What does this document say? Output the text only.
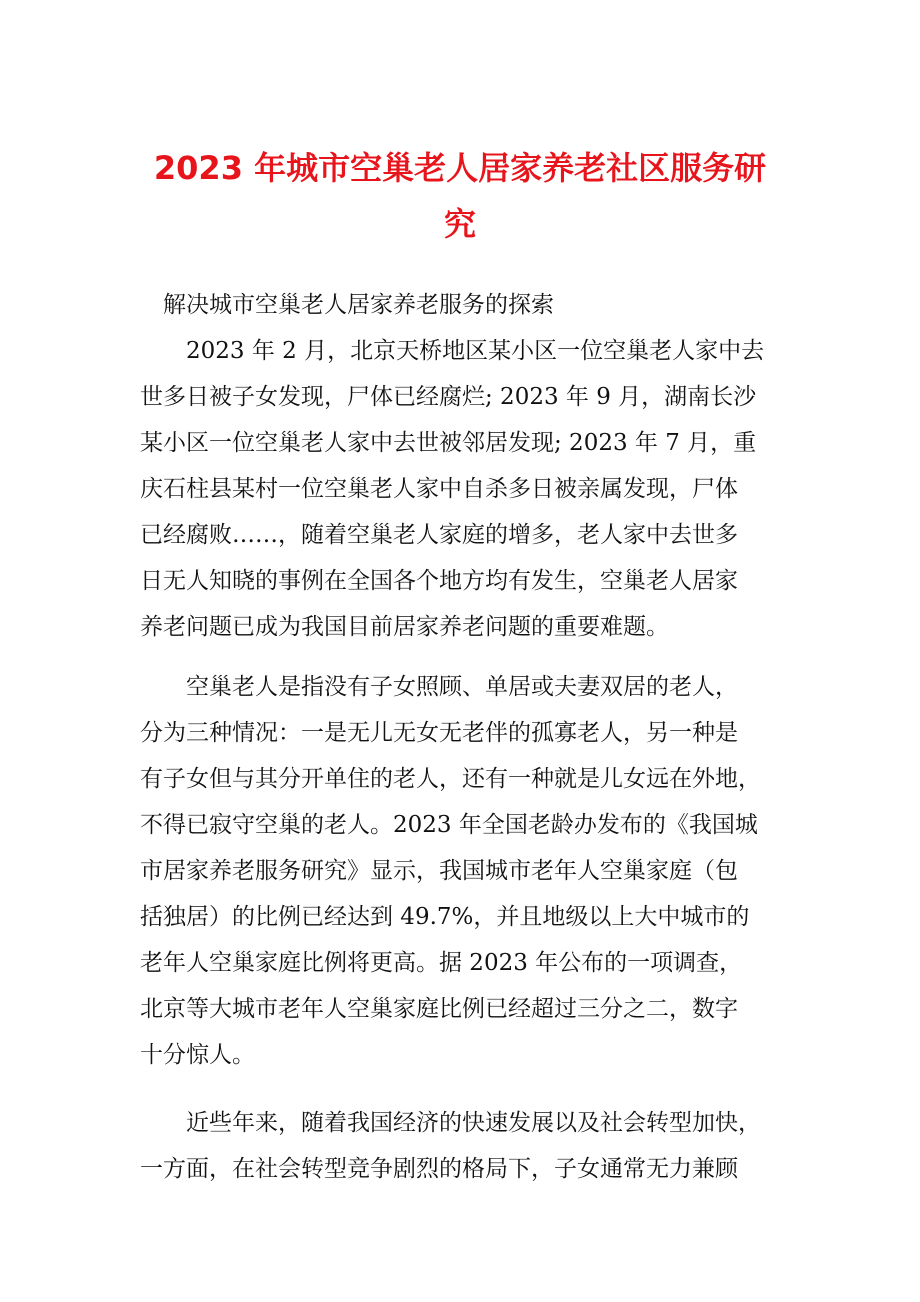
2023 年城市空巢老人居家养老社区服务研
究

解决城市空巢老人居家养老服务的探索

2023 年 2 月，北京天桥地区某小区一位空巢老人家中去
世多日被子女发现，尸体已经腐烂; 2023 年 9 月，湖南长沙
某小区一位空巢老人家中去世被邻居发现; 2023 年 7 月，重
庆石柱县某村一位空巢老人家中自杀多日被亲属发现，尸体
已经腐败……，随着空巢老人家庭的增多，老人家中去世多
日无人知晓的事例在全国各个地方均有发生，空巢老人居家
养老问题已成为我国目前居家养老问题的重要难题。
空巢老人是指没有子女照顾、单居或夫妻双居的老人，
分为三种情况：一是无儿无女无老伴的孤寡老人，另一种是
有子女但与其分开单住的老人，还有一种就是儿女远在外地，
不得已寂守空巢的老人。2023 年全国老龄办发布的《我国城
市居家养老服务研究》显示，我国城市老年人空巢家庭（包
括独居）的比例已经达到 49.7%，并且地级以上大中城市的
老年人空巢家庭比例将更高。据 2023 年公布的一项调查，
北京等大城市老年人空巢家庭比例已经超过三分之二，数字
十分惊人。
近些年来，随着我国经济的快速发展以及社会转型加快，
一方面，在社会转型竞争剧烈的格局下，子女通常无力兼顾
